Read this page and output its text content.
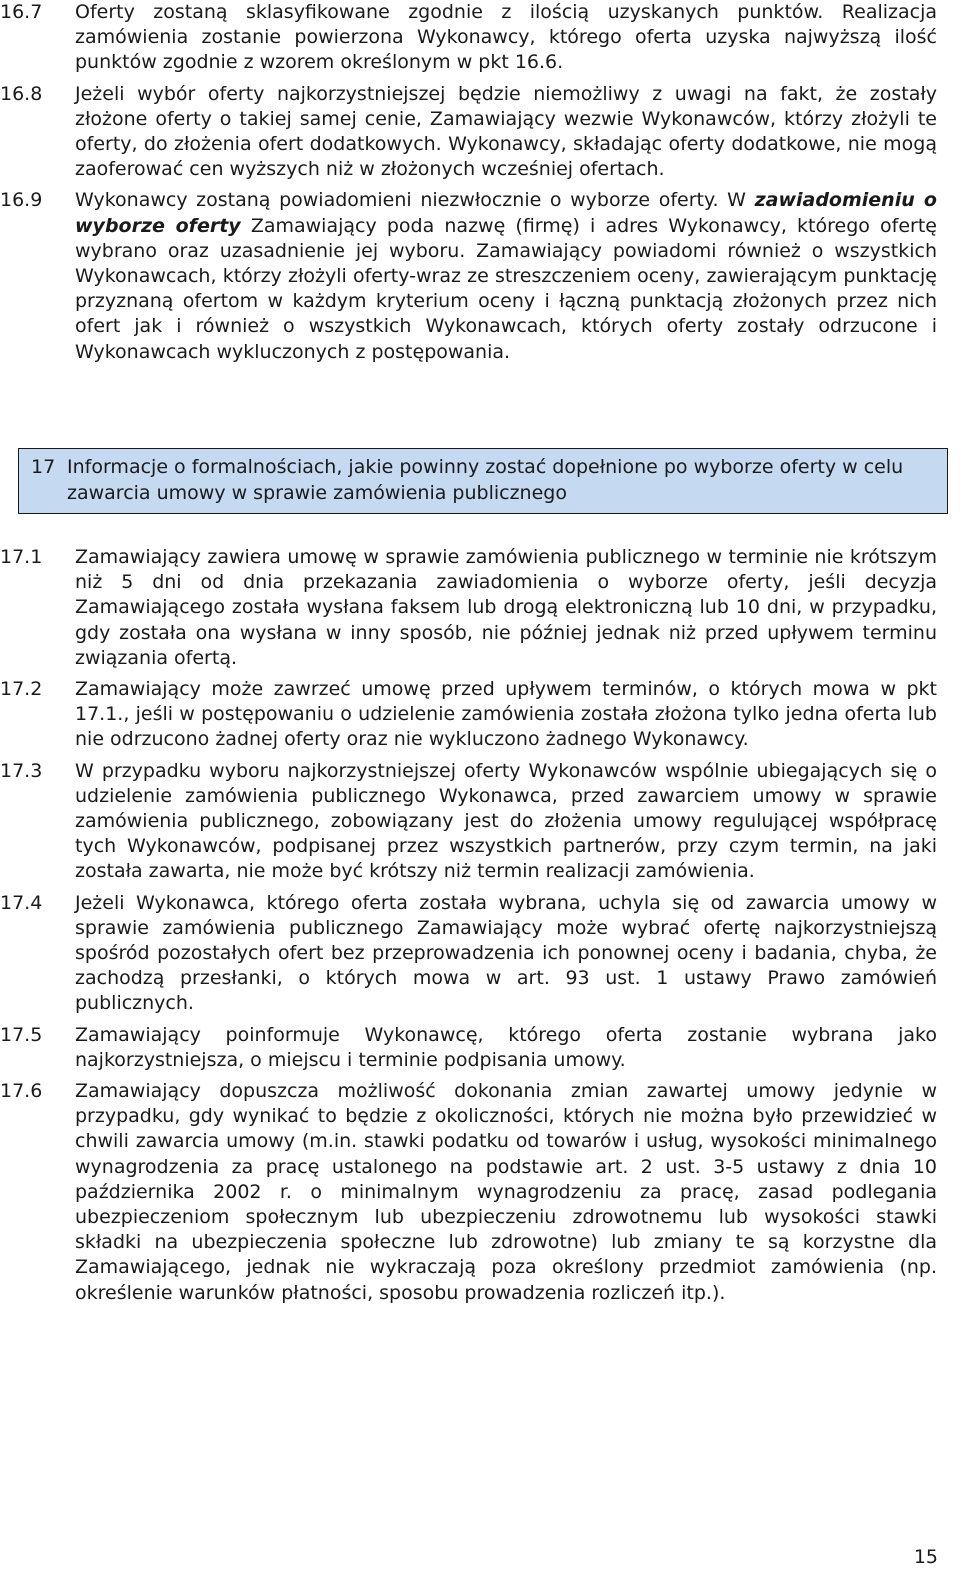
16.7	Oferty zostaną sklasyfikowane zgodnie z ilością uzyskanych punktów. Realizacja zamówienia zostanie powierzona Wykonawcy, którego oferta uzyska najwyższą ilość punktów zgodnie z wzorem określonym w pkt 16.6.
16.8	Jeżeli wybór oferty najkorzystniejszej będzie niemożliwy z uwagi na fakt, że zostały złożone oferty o takiej samej cenie, Zamawiający wezwie Wykonawców, którzy złożyli te oferty, do złożenia ofert dodatkowych. Wykonawcy, składając oferty dodatkowe, nie mogą zaoferować cen wyższych niż w złożonych wcześniej ofertach.
16.9	Wykonawcy zostaną powiadomieni niezwłocznie o wyborze oferty. W zawiadomieniu o wyborze oferty Zamawiający poda nazwę (firmę) i adres Wykonawcy, którego ofertę wybrano oraz uzasadnienie jej wyboru. Zamawiający powiadomi również o wszystkich Wykonawcach, którzy złożyli oferty-wraz ze streszczeniem oceny, zawierającym punktację przyznaną ofertom w każdym kryterium oceny i łączną punktacją złożonych przez nich ofert jak i również o wszystkich Wykonawcach, których oferty zostały odrzucone i Wykonawcach wykluczonych z postępowania.
17 Informacje o formalnościach, jakie powinny zostać dopełnione po wyborze oferty w celu zawarcia umowy w sprawie zamówienia publicznego
17.1	Zamawiający zawiera umowę w sprawie zamówienia publicznego w terminie nie krótszym niż 5 dni od dnia przekazania zawiadomienia o wyborze oferty, jeśli decyzja Zamawiającego została wysłana faksem lub drogą elektroniczną lub 10 dni, w przypadku, gdy została ona wysłana w inny sposób, nie później jednak niż przed upływem terminu związania ofertą.
17.2	Zamawiający może zawrzeć umowę przed upływem terminów, o których mowa w pkt 17.1., jeśli w postępowaniu o udzielenie zamówienia została złożona tylko jedna oferta lub nie odrzucono żadnej oferty oraz nie wykluczono żadnego Wykonawcy.
17.3	W przypadku wyboru najkorzystniejszej oferty Wykonawców wspólnie ubiegających się o udzielenie zamówienia publicznego Wykonawca, przed zawarciem umowy w sprawie zamówienia publicznego, zobowiązany jest do złożenia umowy regulującej współpracę tych Wykonawców, podpisanej przez wszystkich partnerów, przy czym termin, na jaki została zawarta, nie może być krótszy niż termin realizacji zamówienia.
17.4	Jeżeli Wykonawca, którego oferta została wybrana, uchyla się od zawarcia umowy w sprawie zamówienia publicznego Zamawiający może wybrać ofertę najkorzystniejszą spośród pozostałych ofert bez przeprowadzenia ich ponownej oceny i badania, chyba, że zachodzą przesłanki, o których mowa w art. 93 ust. 1 ustawy Prawo zamówień publicznych.
17.5	Zamawiający poinformuje Wykonawcę, którego oferta zostanie wybrana jako najkorzystniejsza, o miejscu i terminie podpisania umowy.
17.6	Zamawiający dopuszcza możliwość dokonania zmian zawartej umowy jedynie w przypadku, gdy wynikać to będzie z okoliczności, których nie można było przewidzieć w chwili zawarcia umowy (m.in. stawki podatku od towarów i usług, wysokości minimalnego wynagrodzenia za pracę ustalonego na podstawie art. 2 ust. 3-5 ustawy z dnia 10 października 2002 r. o minimalnym wynagrodzeniu za pracę, zasad podlegania ubezpieczeniom społecznym lub ubezpieczeniu zdrowotnemu lub wysokości stawki składki na ubezpieczenia społeczne lub zdrowotne) lub zmiany te są korzystne dla Zamawiającego, jednak nie wykraczają poza określony przedmiot zamówienia (np. określenie warunków płatności, sposobu prowadzenia rozliczeń itp.).
15
